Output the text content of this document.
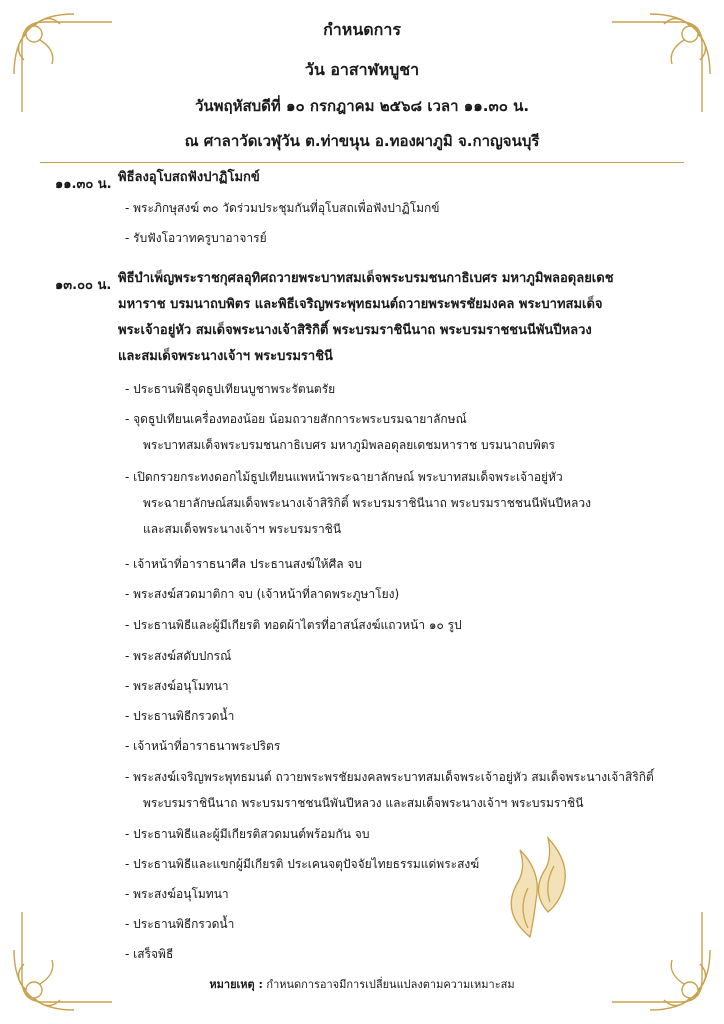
กำหนดการ
วัน อาสาฬหบูชา
วันพฤหัสบดีที่ ๑๐ กรกฎาคม ๒๕๖๘ เวลา ๑๑.๓๐ น.
ณ ศาลาวัดเวฬุวัน ต.ท่าขนุน อ.ทองผาภูมิ จ.กาญจนบุรี
๑๑.๓๐ น. พิธีลงอุโบสถฟังปาฏิโมกข์
- พระภิกษุสงฆ์ ๓๐ วัดร่วมประชุมกันที่อุโบสถเพื่อฟังปาฏิโมกข์
- รับฟังโอวาทครูบาอาจารย์
๑๓.๐๐ น. พิธีบำเพ็ญพระราชกุศลอุทิศถวายพระบาทสมเด็จพระบรมชนกาธิเบศร มหาภูมิพลอดุลยเดช
มหาราช บรมนาถบพิตร และพิธีเจริญพระพุทธมนต์ถวายพระพรชัยมงคล พระบาทสมเด็จ
พระเจ้าอยู่หัว สมเด็จพระนางเจ้าสิริกิติ์ พระบรมราชินีนาถ พระบรมราชชนนีพันปีหลวง
และสมเด็จพระนางเจ้าฯ พระบรมราชินี
- ประธานพิธีจุดธูปเทียนบูชาพระรัตนตรัย
- จุดธูปเทียนเครื่องทองน้อย น้อมถวายสักการะพระบรมฉายาลักษณ์
พระบาทสมเด็จพระบรมชนกาธิเบศร มหาภูมิพลอดุลยเดชมหาราช บรมนาถบพิตร
- เปิดกรวยกระทงดอกไม้ธูปเทียนแพหน้าพระฉายาลักษณ์ พระบาทสมเด็จพระเจ้าอยู่หัว
พระฉายาลักษณ์สมเด็จพระนางเจ้าสิริกิติ์ พระบรมราชินีนาถ พระบรมราชชนนีพันปีหลวง
และสมเด็จพระนางเจ้าฯ พระบรมราชินี
- เจ้าหน้าที่อาราธนาศีล ประธานสงฆ์ให้ศีล จบ
- พระสงฆ์สวดมาติกา จบ (เจ้าหน้าที่ลาดพระภูษาโยง)
- ประธานพิธีและผู้มีเกียรติ ทอดผ้าไตรที่อาสน์สงฆ์แถวหน้า ๑๐ รูป
- พระสงฆ์สดับปกรณ์
- พระสงฆ์อนุโมทนา
- ประธานพิธีกรวดน้ำ
- เจ้าหน้าที่อาราธนาพระปริตร
- พระสงฆ์เจริญพระพุทธมนต์ ถวายพระพรชัยมงคลพระบาทสมเด็จพระเจ้าอยู่หัว สมเด็จพระนางเจ้าสิริกิติ์
พระบรมราชินีนาถ พระบรมราชชนนีพันปีหลวง และสมเด็จพระนางเจ้าฯ พระบรมราชินี
- ประธานพิธีและผู้มีเกียรติสวดมนต์พร้อมกัน จบ
- ประธานพิธีและแขกผู้มีเกียรติ ประเคนจตุปัจจัยไทยธรรมแด่พระสงฆ์
- พระสงฆ์อนุโมทนา
- ประธานพิธีกรวดน้ำ
- เสร็จพิธี
หมายเหตุ : กำหนดการอาจมีการเปลี่ยนแปลงตามความเหมาะสม
